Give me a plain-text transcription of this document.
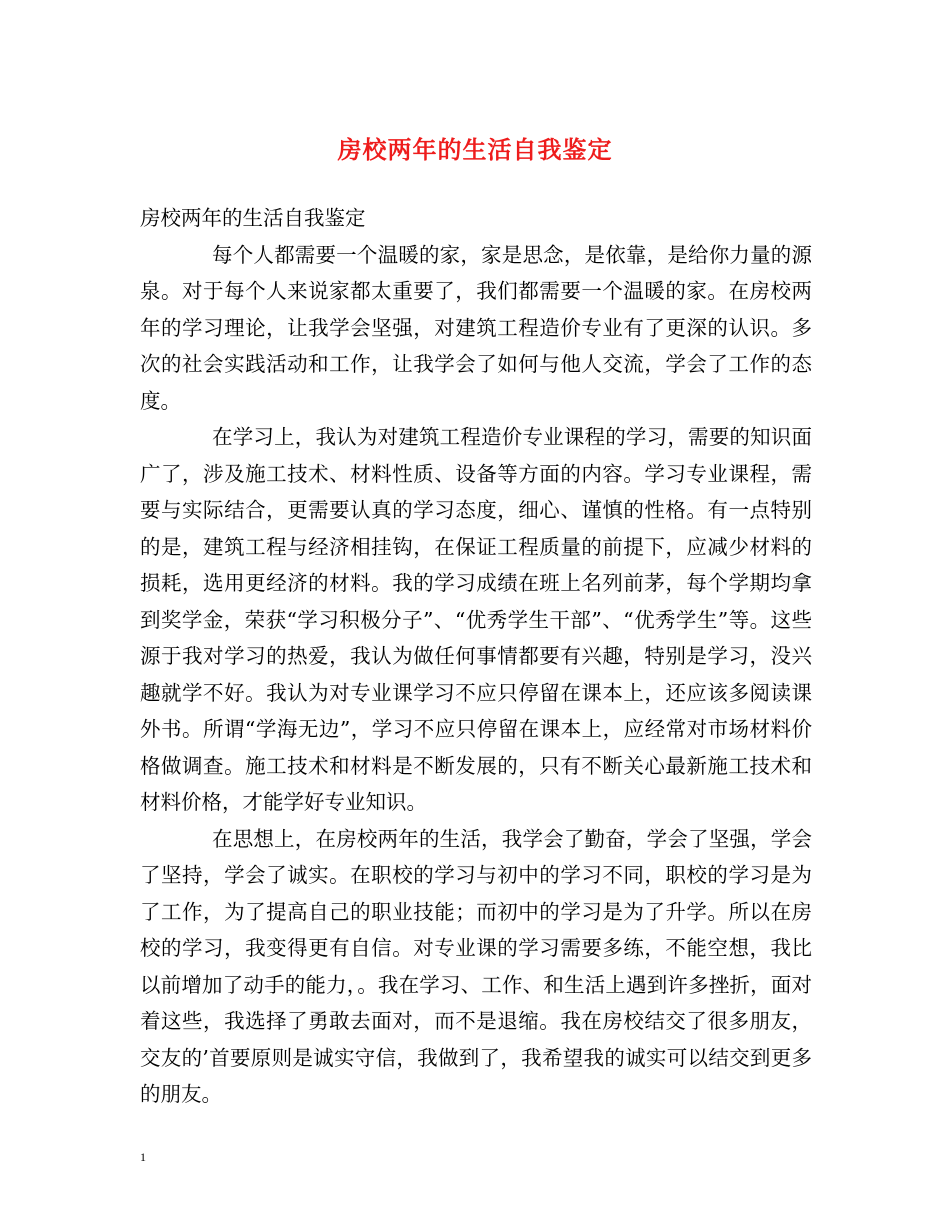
房校两年的生活自我鉴定

房校两年的生活自我鉴定

每个人都需要一个温暖的家，家是思念，是依靠，是给你力量的源泉。对于每个人来说家都太重要了，我们都需要一个温暖的家。在房校两年的学习理论，让我学会坚强，对建筑工程造价专业有了更深的认识。多次的社会实践活动和工作，让我学会了如何与他人交流，学会了工作的态度。

在学习上，我认为对建筑工程造价专业课程的学习，需要的知识面广了，涉及施工技术、材料性质、设备等方面的内容。学习专业课程，需要与实际结合，更需要认真的学习态度，细心、谨慎的性格。有一点特别的是，建筑工程与经济相挂钩，在保证工程质量的前提下，应减少材料的损耗，选用更经济的材料。我的学习成绩在班上名列前茅，每个学期均拿到奖学金，荣获“学习积极分子”、“优秀学生干部”、“优秀学生”等。这些源于我对学习的热爱，我认为做任何事情都要有兴趣，特别是学习，没兴趣就学不好。我认为对专业课学习不应只停留在课本上，还应该多阅读课外书。所谓“学海无边”，学习不应只停留在课本上，应经常对市场材料价格做调查。施工技术和材料是不断发展的，只有不断关心最新施工技术和材料价格，才能学好专业知识。

在思想上，在房校两年的生活，我学会了勤奋，学会了坚强，学会了坚持，学会了诚实。在职校的学习与初中的学习不同，职校的学习是为了工作，为了提高自己的职业技能；而初中的学习是为了升学。所以在房校的学习，我变得更有自信。对专业课的学习需要多练，不能空想，我比以前增加了动手的能力，。我在学习、工作、和生活上遇到许多挫折，面对着这些，我选择了勇敢去面对，而不是退缩。我在房校结交了很多朋友，交友的’首要原则是诚实守信，我做到了，我希望我的诚实可以结交到更多的朋友。

1
